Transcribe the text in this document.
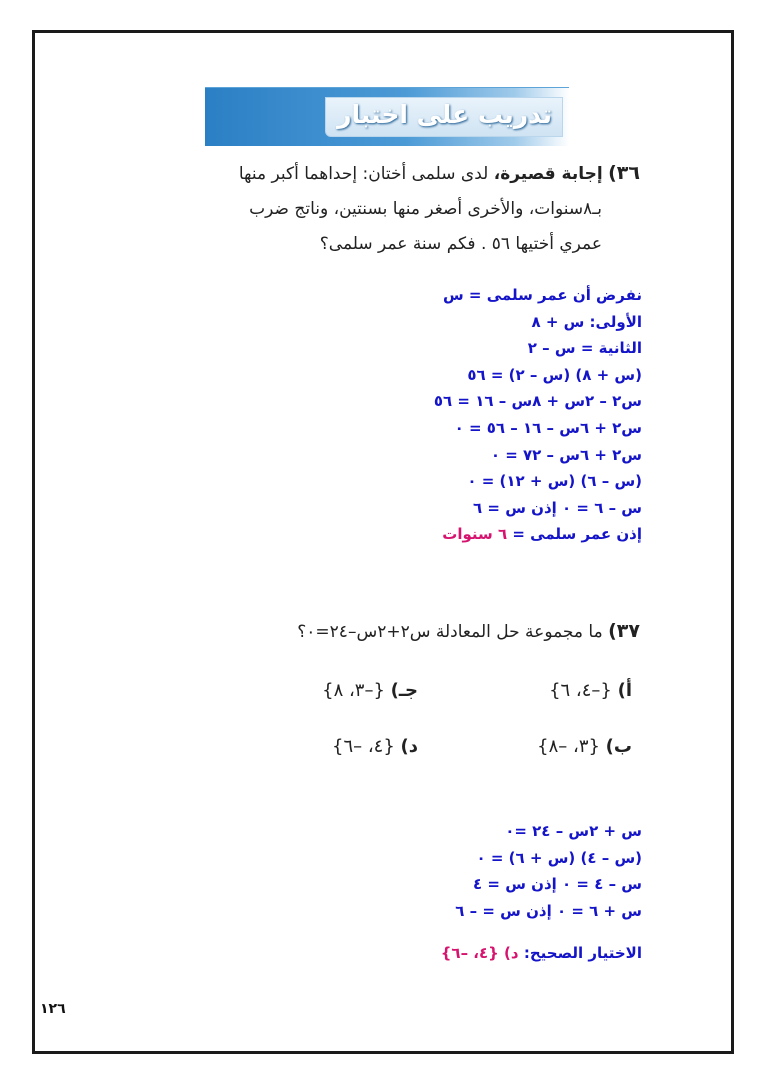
تدريب على اختبار
٣٦) إجابة قصيرة، لدى سلمى أختان: إحداهما أكبر منها
بـ٨سنوات، والأخرى أصغر منها بسنتين، وناتج ضرب
عمري أختيها ٥٦ . فكم سنة عمر سلمى؟
نفرض أن عمر سلمى = س
الأولى: س + ٨
الثانية = س – ٢
(س + ٨) (س – ٢) = ٥٦
س٢ – ٢س + ٨س – ١٦ = ٥٦
س٢ + ٦س – ١٦ – ٥٦ = ٠
س٢ + ٦س – ٧٢ = ٠
(س – ٦) (س + ١٢) = ٠
س – ٦ = ٠ إذن س = ٦
إذن عمر سلمى = ٦ سنوات
٣٧) ما مجموعة حل المعادلة س٢+٢س–٢٤=٠؟
أ) {–٤، ٦}
جـ) {–٣، ٨}
ب) {٣، –٨}
د) {٤، –٦}
س + ٢س – ٢٤ =٠
(س – ٤) (س + ٦) = ٠
س – ٤ = ٠ إذن س = ٤
س + ٦ = ٠ إذن س = – ٦
الاختيار الصحيح: د) {٤، –٦}
١٢٦
